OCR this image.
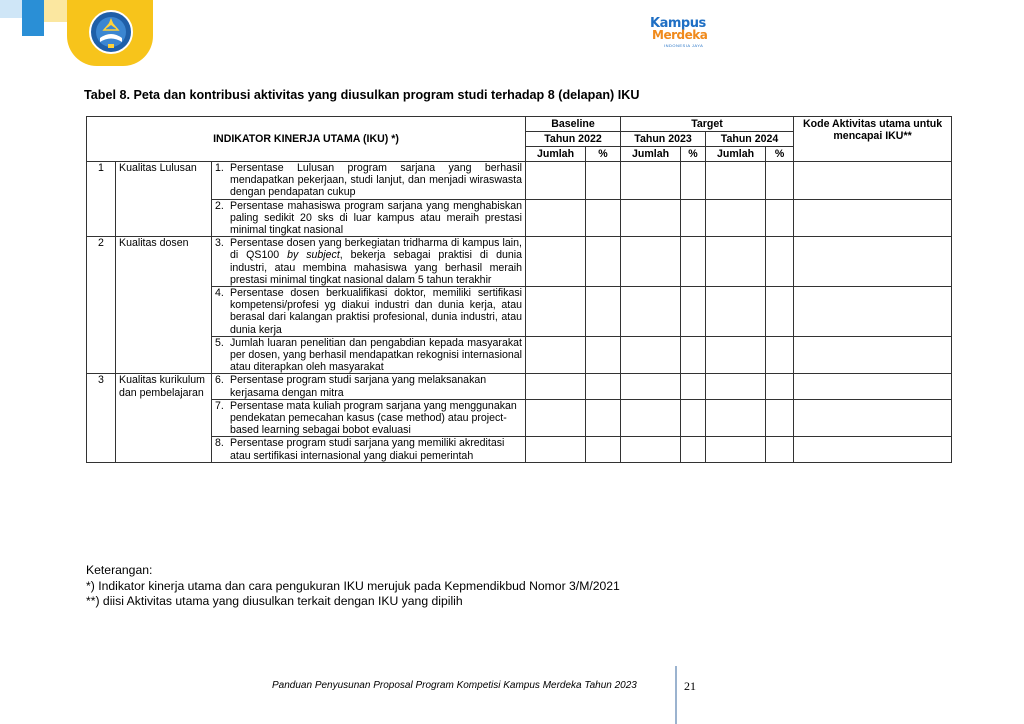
Kampus
Merdeka
INDONESIA JAYA
Tabel 8. Peta dan kontribusi aktivitas yang diusulkan program studi terhadap 8 (delapan) IKU
INDIKATOR KINERJA UTAMA (IKU) *)			Baseline		Target				Kode Aktivitas utama untuk mencapai IKU**
			Tahun 2022		Tahun 2023		Tahun 2024		
			Jumlah	%	Jumlah	%	Jumlah	%	
1	Kualitas Lulusan	1. Persentase Lulusan program sarjana yang berhasil mendapatkan pekerjaan, studi lanjut, dan menjadi wiraswasta dengan pendapatan cukup							

		2. Persentase mahasiswa program sarjana yang menghabiskan paling sedikit 20 sks di luar kampus atau meraih prestasi minimal tingkat nasional							

2	Kualitas dosen	3. Persentase dosen yang berkegiatan tridharma di kampus lain, di QS100 by subject, bekerja sebagai praktisi di dunia industri, atau membina mahasiswa yang berhasil meraih prestasi minimal tingkat nasional dalam 5 tahun terakhir							

		4. Persentase dosen berkualifikasi doktor, memiliki sertifikasi kompetensi/profesi yg diakui industri dan dunia kerja, atau berasal dari kalangan praktisi profesional, dunia industri, atau dunia kerja							

		5. Jumlah luaran penelitian dan pengabdian kepada masyarakat per dosen, yang berhasil mendapatkan rekognisi internasional atau diterapkan oleh masyarakat							

3	Kualitas kurikulum dan pembelajaran	6. Persentase program studi sarjana yang melaksanakan kerjasama dengan mitra							

		7. Persentase mata kuliah program sarjana yang menggunakan pendekatan pemecahan kasus (case method) atau project-based learning sebagai bobot evaluasi							

		8. Persentase program studi sarjana yang memiliki akreditasi atau sertifikasi internasional yang diakui pemerintah							

Keterangan:
*) Indikator kinerja utama dan cara pengukuran IKU merujuk pada Kepmendikbud Nomor 3/M/2021
**) diisi Aktivitas utama yang diusulkan terkait dengan IKU yang dipilih
Panduan Penyusunan Proposal Program Kompetisi Kampus Merdeka Tahun 2023	21
